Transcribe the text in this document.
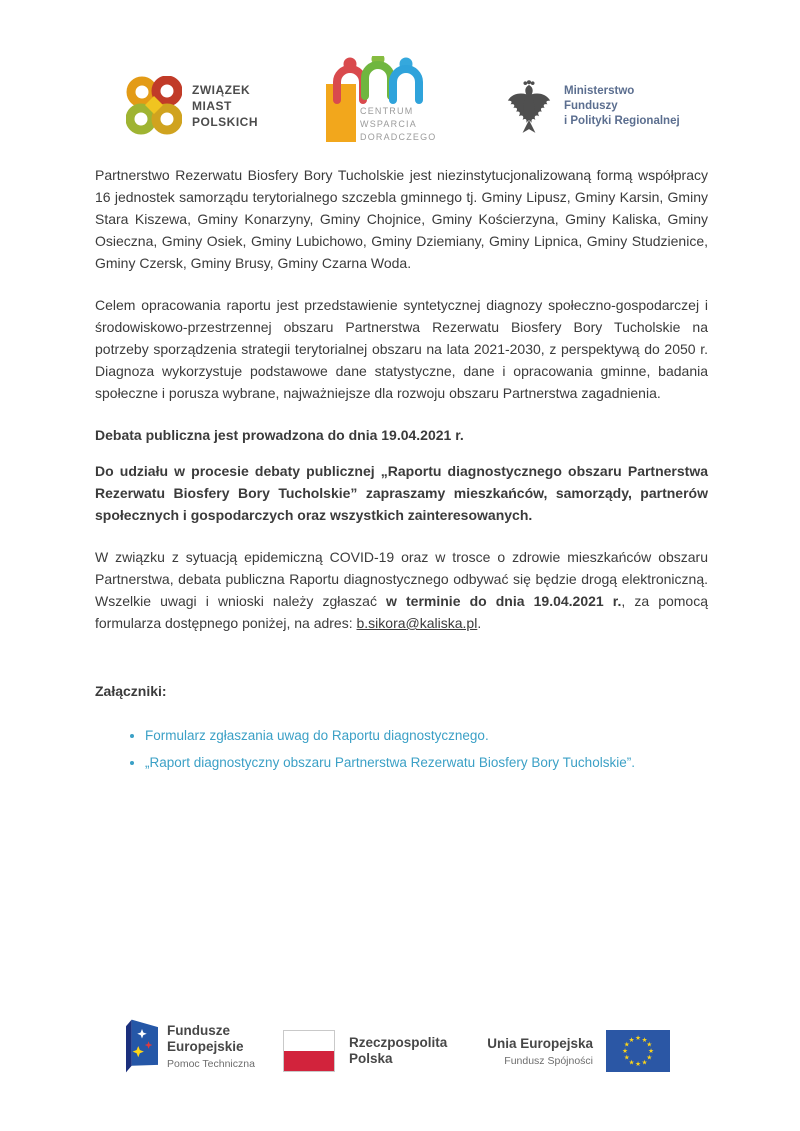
ZWIĄZEK
MIAST
POLSKICH
CENTRUM
WSPARCIA
DORADCZEGO
Ministerstwo
Funduszy
i Polityki Regionalnej

Partnerstwo Rezerwatu Biosfery Bory Tucholskie jest niezinstytucjonalizowaną formą współpracy 16 jednostek samorządu terytorialnego szczebla gminnego tj. Gminy Lipusz, Gminy Karsin, Gminy Stara Kiszewa, Gminy Konarzyny, Gminy Chojnice, Gminy Kościerzyna, Gminy Kaliska, Gminy Osieczna, Gminy Osiek, Gminy Lubichowo, Gminy Dziemiany, Gminy Lipnica, Gminy Studzienice, Gminy Czersk, Gminy Brusy, Gminy Czarna Woda.

Celem opracowania raportu jest przedstawienie syntetycznej diagnozy społeczno-gospodarczej i środowiskowo-przestrzennej obszaru Partnerstwa Rezerwatu Biosfery Bory Tucholskie na potrzeby sporządzenia strategii terytorialnej obszaru na lata 2021-2030, z perspektywą do 2050 r. Diagnoza wykorzystuje podstawowe dane statystyczne, dane i opracowania gminne, badania społeczne i porusza wybrane, najważniejsze dla rozwoju obszaru Partnerstwa zagadnienia.

Debata publiczna jest prowadzona do dnia 19.04.2021 r.

Do udziału w procesie debaty publicznej „Raportu diagnostycznego obszaru Partnerstwa Rezerwatu Biosfery Bory Tucholskie” zapraszamy mieszkańców, samorządy, partnerów społecznych i gospodarczych oraz wszystkich zainteresowanych.

W związku z sytuacją epidemiczną COVID-19 oraz w trosce o zdrowie mieszkańców obszaru Partnerstwa, debata publiczna Raportu diagnostycznego odbywać się będzie drogą elektroniczną. Wszelkie uwagi i wnioski należy zgłaszać w terminie do dnia 19.04.2021 r., za pomocą formularza dostępnego poniżej, na adres: b.sikora@kaliska.pl.

Załączniki:

• Formularz zgłaszania uwag do Raportu diagnostycznego.
• „Raport diagnostyczny obszaru Partnerstwa Rezerwatu Biosfery Bory Tucholskie”.
Fundusze
Europejskie
Pomoc Techniczna
Rzeczpospolita
Polska
Unia Europejska
Fundusz Spójności
★ ★
★
★
★
★
★
★
★
★
★
★
